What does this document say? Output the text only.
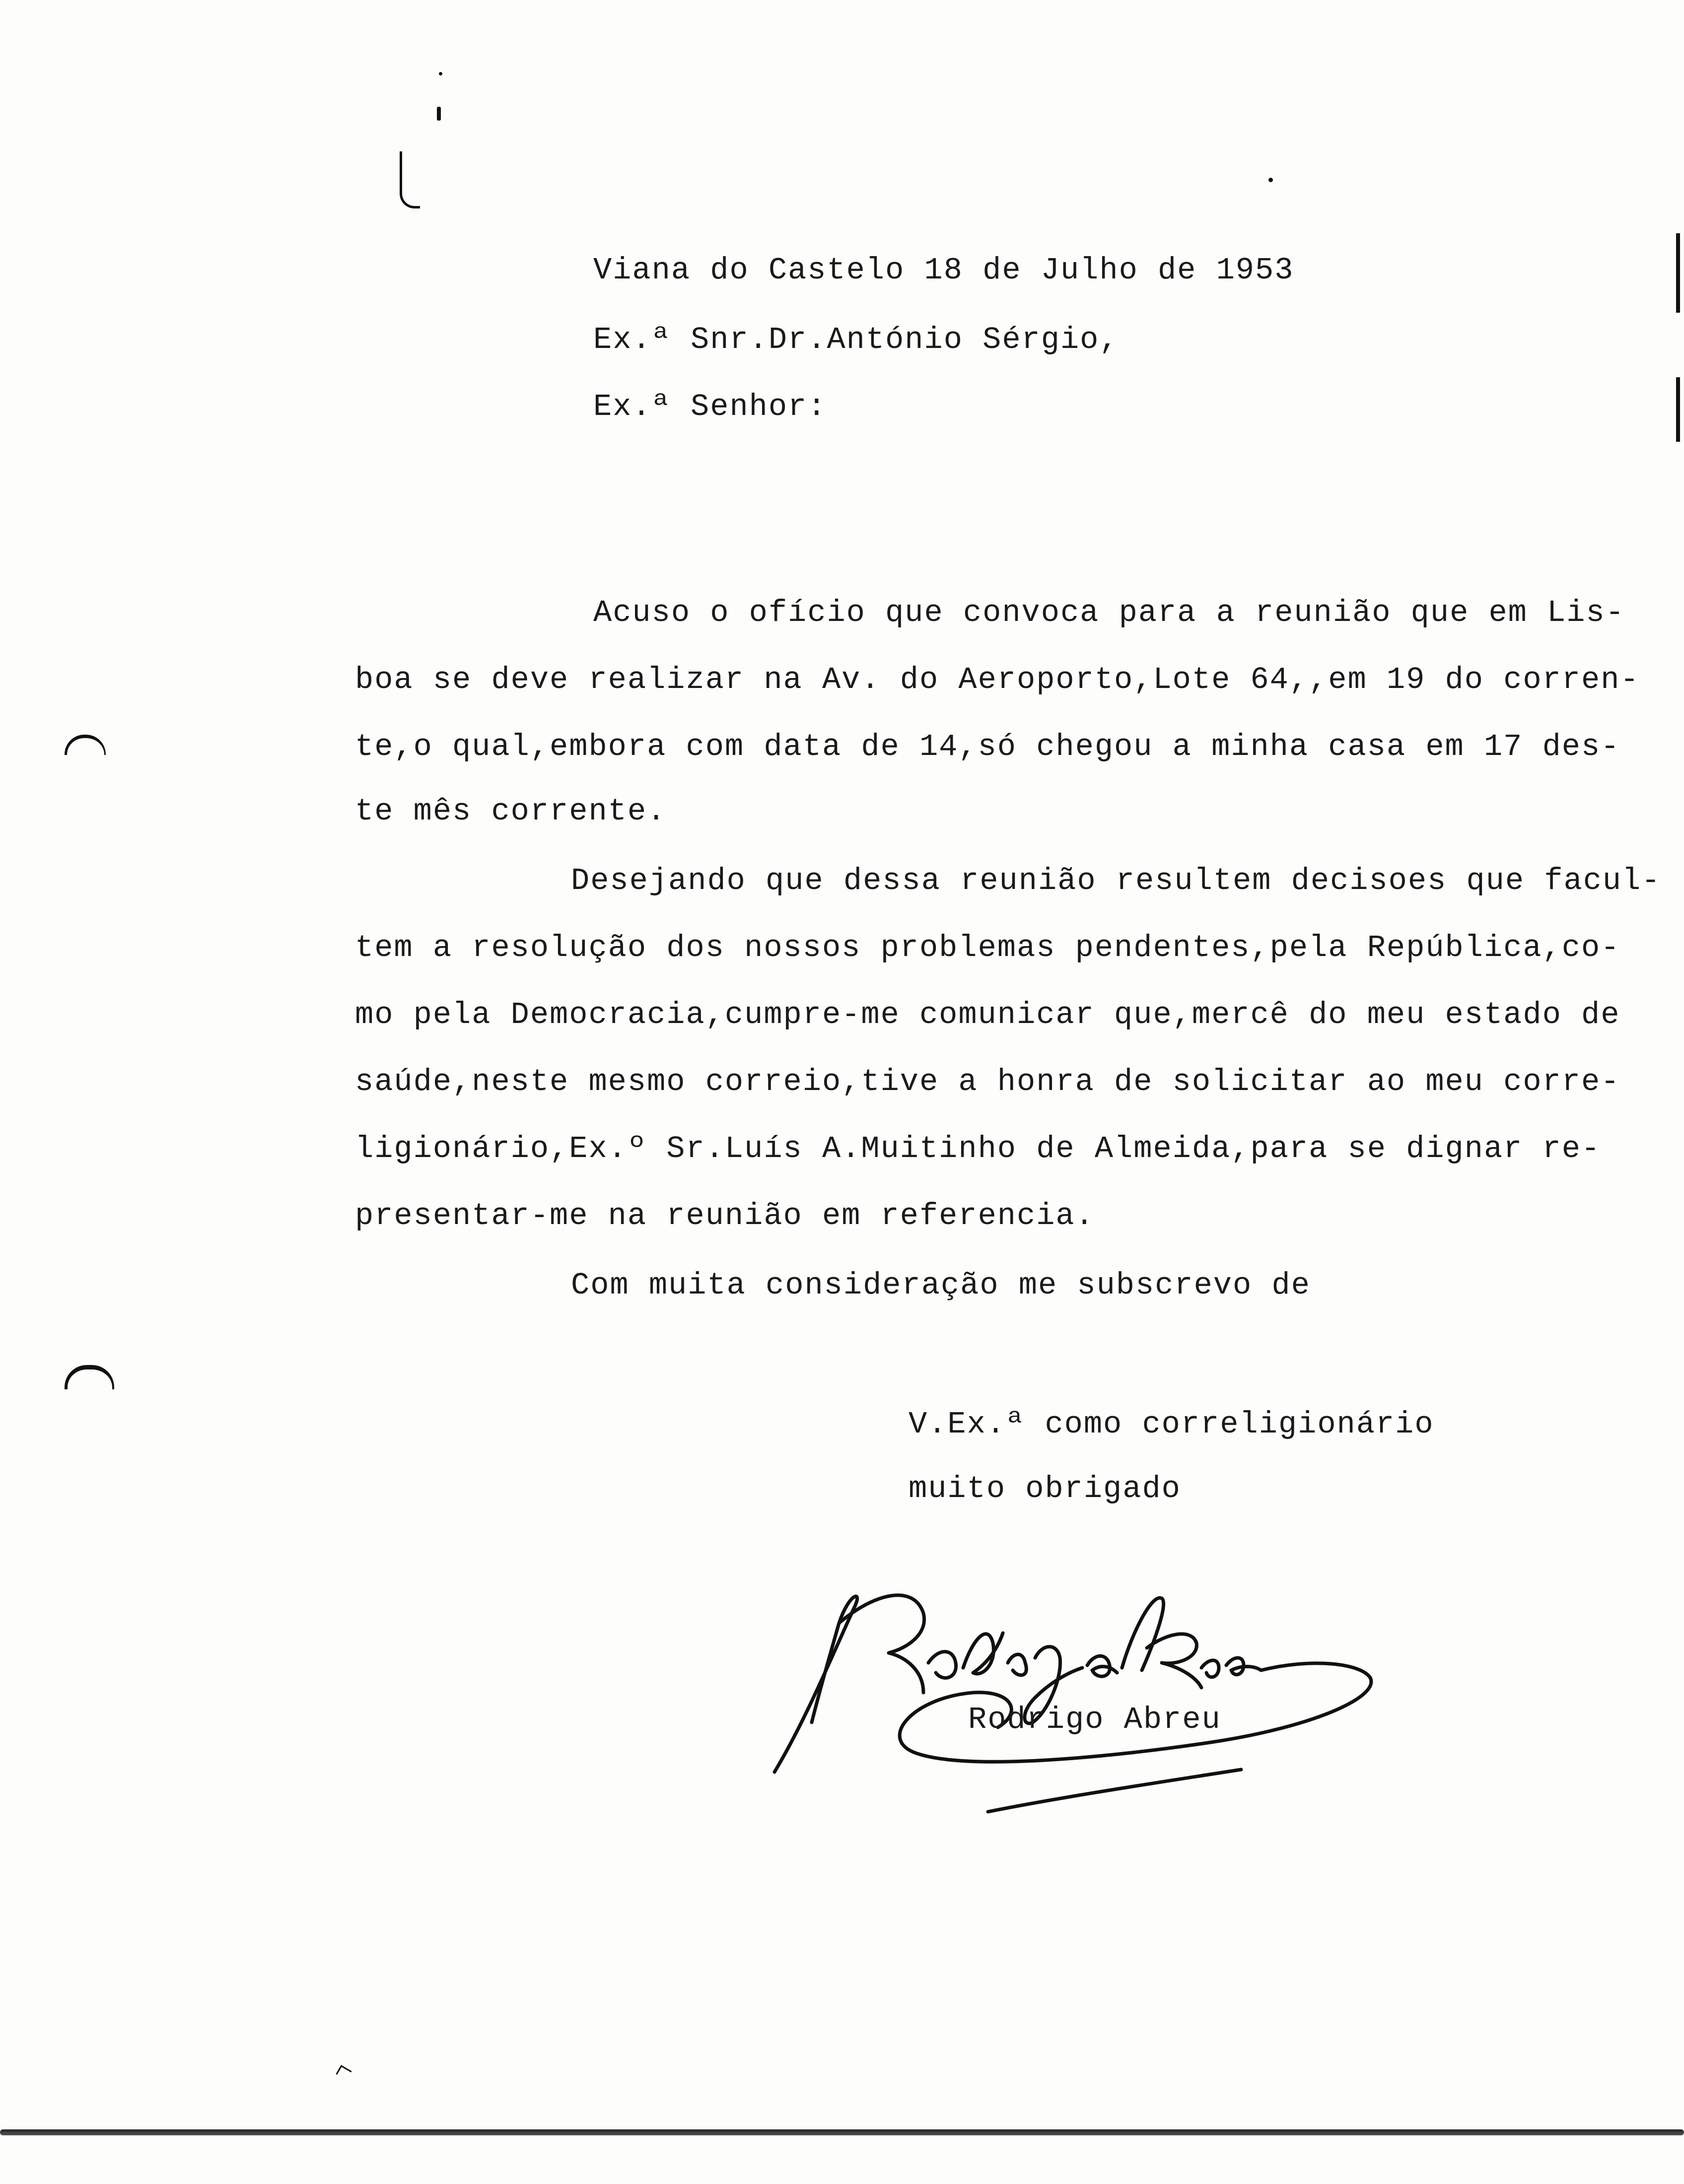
Viana do Castelo 18 de Julho de 1953
Ex.ª Snr.Dr.António Sérgio,
Ex.ª Senhor:
Acuso o ofício que convoca para a reunião que em Lis-
boa se deve realizar na Av. do Aeroporto,Lote 64,,em 19 do corren-
te,o qual,embora com data de 14,só chegou a minha casa em 17 des-
te mês corrente.
Desejando que dessa reunião resultem decisoes que facul-
tem a resolução dos nossos problemas pendentes,pela República,co-
mo pela Democracia,cumpre-me comunicar que,mercê do meu estado de
saúde,neste mesmo correio,tive a honra de solicitar ao meu corre-
ligionário,Ex.º Sr.Luís A.Muitinho de Almeida,para se dignar re-
presentar-me na reunião em referencia.
Com muita consideração me subscrevo de
V.Ex.ª como correligionário
muito obrigado
Rodrigo Abreu
